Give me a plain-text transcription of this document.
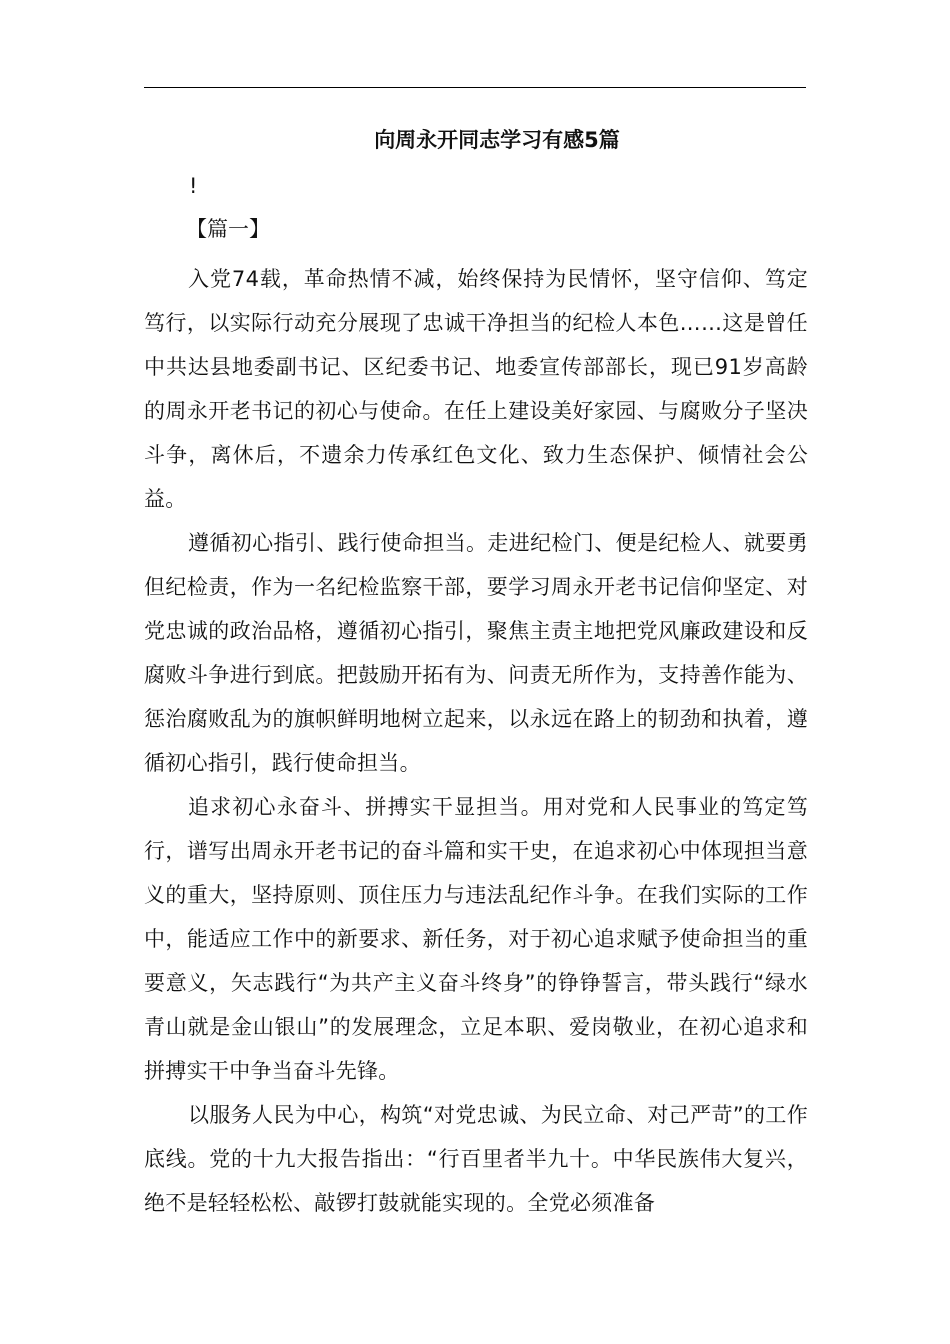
向周永开同志学习有感5篇
!
【篇一】

入党74载，革命热情不减，始终保持为民情怀，坚守信仰、笃定笃行，以实际行动充分展现了忠诚干净担当的纪检人本色……这是曾任中共达县地委副书记、区纪委书记、地委宣传部部长，现已91岁高龄的周永开老书记的初心与使命。在任上建设美好家园、与腐败分子坚决斗争，离休后，不遗余力传承红色文化、致力生态保护、倾情社会公益。

遵循初心指引、践行使命担当。走进纪检门、便是纪检人、就要勇但纪检责，作为一名纪检监察干部，要学习周永开老书记信仰坚定、对党忠诚的政治品格，遵循初心指引，聚焦主责主地把党风廉政建设和反腐败斗争进行到底。把鼓励开拓有为、问责无所作为，支持善作能为、惩治腐败乱为的旗帜鲜明地树立起来，以永远在路上的韧劲和执着，遵循初心指引，践行使命担当。

追求初心永奋斗、拼搏实干显担当。用对党和人民事业的笃定笃行，谱写出周永开老书记的奋斗篇和实干史，在追求初心中体现担当意义的重大，坚持原则、顶住压力与违法乱纪作斗争。在我们实际的工作中，能适应工作中的新要求、新任务，对于初心追求赋予使命担当的重要意义，矢志践行“为共产主义奋斗终身”的铮铮誓言，带头践行“绿水青山就是金山银山”的发展理念，立足本职、爱岗敬业，在初心追求和拼搏实干中争当奋斗先锋。

以服务人民为中心，构筑“对党忠诚、为民立命、对己严苛”的工作底线。党的十九大报告指出：“行百里者半九十。中华民族伟大复兴，绝不是轻轻松松、敲锣打鼓就能实现的。全党必须准备
